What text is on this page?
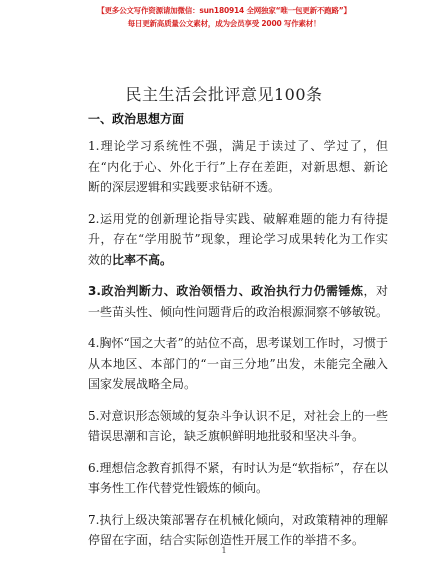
【更多公文写作资源请加微信：sun180914 全网独家“唯一包更新不跑路”】
每日更新高质量公文素材，成为会员享受 2000 写作素材！
民主生活会批评意见100条
一、政治思想方面

1.理论学习系统性不强，满足于读过了、学过了，但在“内化于心、外化于行”上存在差距，对新思想、新论断的深层逻辑和实践要求钻研不透。

2.运用党的创新理论指导实践、破解难题的能力有待提升，存在“学用脱节”现象，理论学习成果转化为工作实效的比率不高。

3.政治判断力、政治领悟力、政治执行力仍需锤炼，对一些苗头性、倾向性问题背后的政治根源洞察不够敏锐。

4.胸怀“国之大者”的站位不高，思考谋划工作时，习惯于从本地区、本部门的“一亩三分地”出发，未能完全融入国家发展战略全局。

5.对意识形态领域的复杂斗争认识不足，对社会上的一些错误思潮和言论，缺乏旗帜鲜明地批驳和坚决斗争。

6.理想信念教育抓得不紧，有时认为是“软指标”，存在以事务性工作代替党性锻炼的倾向。

7.执行上级决策部署存在机械化倾向，对政策精神的理解停留在字面，结合实际创造性开展工作的举措不多。

1
